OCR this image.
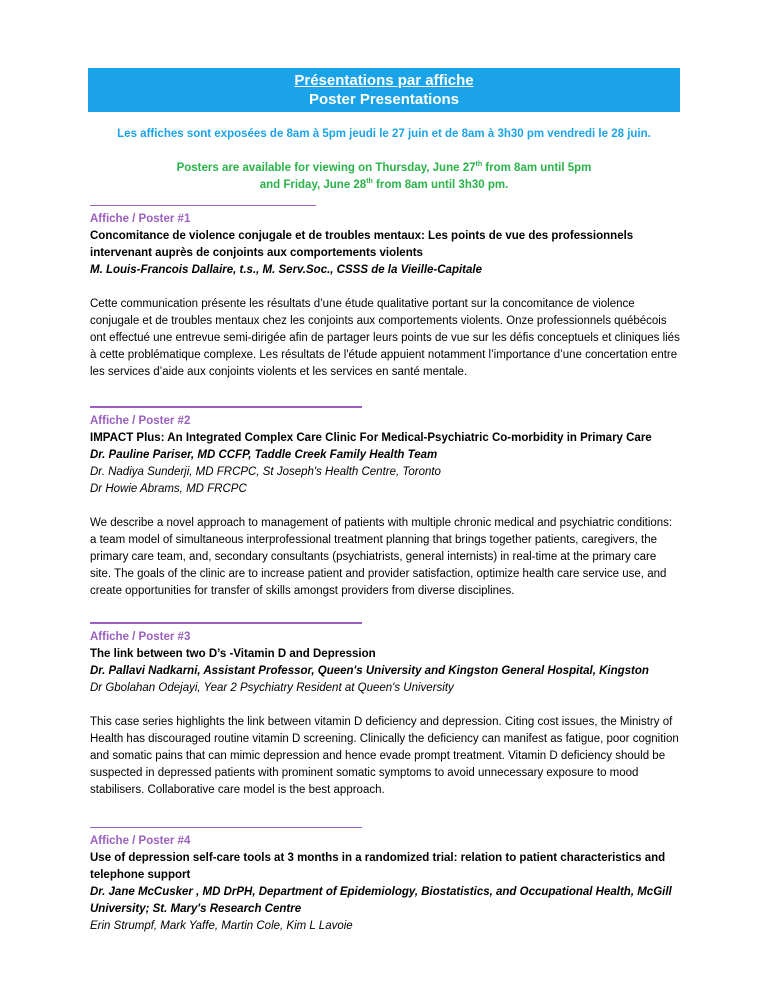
Présentations par affiche
Poster Presentations
Les affiches sont exposées de 8am à 5pm jeudi le 27 juin et de 8am à 3h30 pm vendredi le 28 juin.
Posters are available for viewing on Thursday, June 27th from 8am until 5pm
and Friday, June 28th from 8am until 3h30 pm.
Affiche / Poster #1
Concomitance de violence conjugale et de troubles mentaux: Les points de vue des professionnels intervenant auprès de conjoints aux comportements violents
M. Louis-Francois Dallaire, t.s., M. Serv.Soc., CSSS de la Vieille-Capitale
Cette communication présente les résultats d’une étude qualitative portant sur la concomitance de violence conjugale et de troubles mentaux chez les conjoints aux comportements violents. Onze professionnels québécois ont effectué une entrevue semi-dirigée afin de partager leurs points de vue sur les défis conceptuels et cliniques liés à cette problématique complexe. Les résultats de l'étude appuient notamment l’importance d’une concertation entre les services d’aide aux conjoints violents et les services en santé mentale.
Affiche / Poster #2
IMPACT Plus: An Integrated Complex Care Clinic For Medical-Psychiatric Co-morbidity in Primary Care
Dr. Pauline Pariser, MD CCFP, Taddle Creek Family Health Team
Dr. Nadiya Sunderji, MD FRCPC, St Joseph's Health Centre, Toronto
Dr Howie Abrams, MD FRCPC
We describe a novel approach to management of patients with multiple chronic medical and psychiatric conditions: a team model of simultaneous interprofessional treatment planning that brings together patients, caregivers, the primary care team, and, secondary consultants (psychiatrists, general internists) in real-time at the primary care site. The goals of the clinic are to increase patient and provider satisfaction, optimize health care service use, and create opportunities for transfer of skills amongst providers from diverse disciplines.
Affiche / Poster #3
The link between two D’s -Vitamin D and Depression
Dr. Pallavi Nadkarni, Assistant Professor, Queen's University and Kingston General Hospital, Kingston
Dr Gbolahan Odejayi, Year 2 Psychiatry Resident at Queen's University
This case series highlights the link between vitamin D deficiency and depression. Citing cost issues, the Ministry of Health has discouraged routine vitamin D screening. Clinically the deficiency can manifest as fatigue, poor cognition and somatic pains that can mimic depression and hence evade prompt treatment. Vitamin D deficiency should be suspected in depressed patients with prominent somatic symptoms to avoid unnecessary exposure to mood stabilisers. Collaborative care model is the best approach.
Affiche / Poster #4
Use of depression self-care tools at 3 months in a randomized trial: relation to patient characteristics and telephone support
Dr. Jane McCusker , MD DrPH, Department of Epidemiology, Biostatistics, and Occupational Health, McGill University; St. Mary's Research Centre
Erin Strumpf, Mark Yaffe, Martin Cole, Kim L Lavoie
